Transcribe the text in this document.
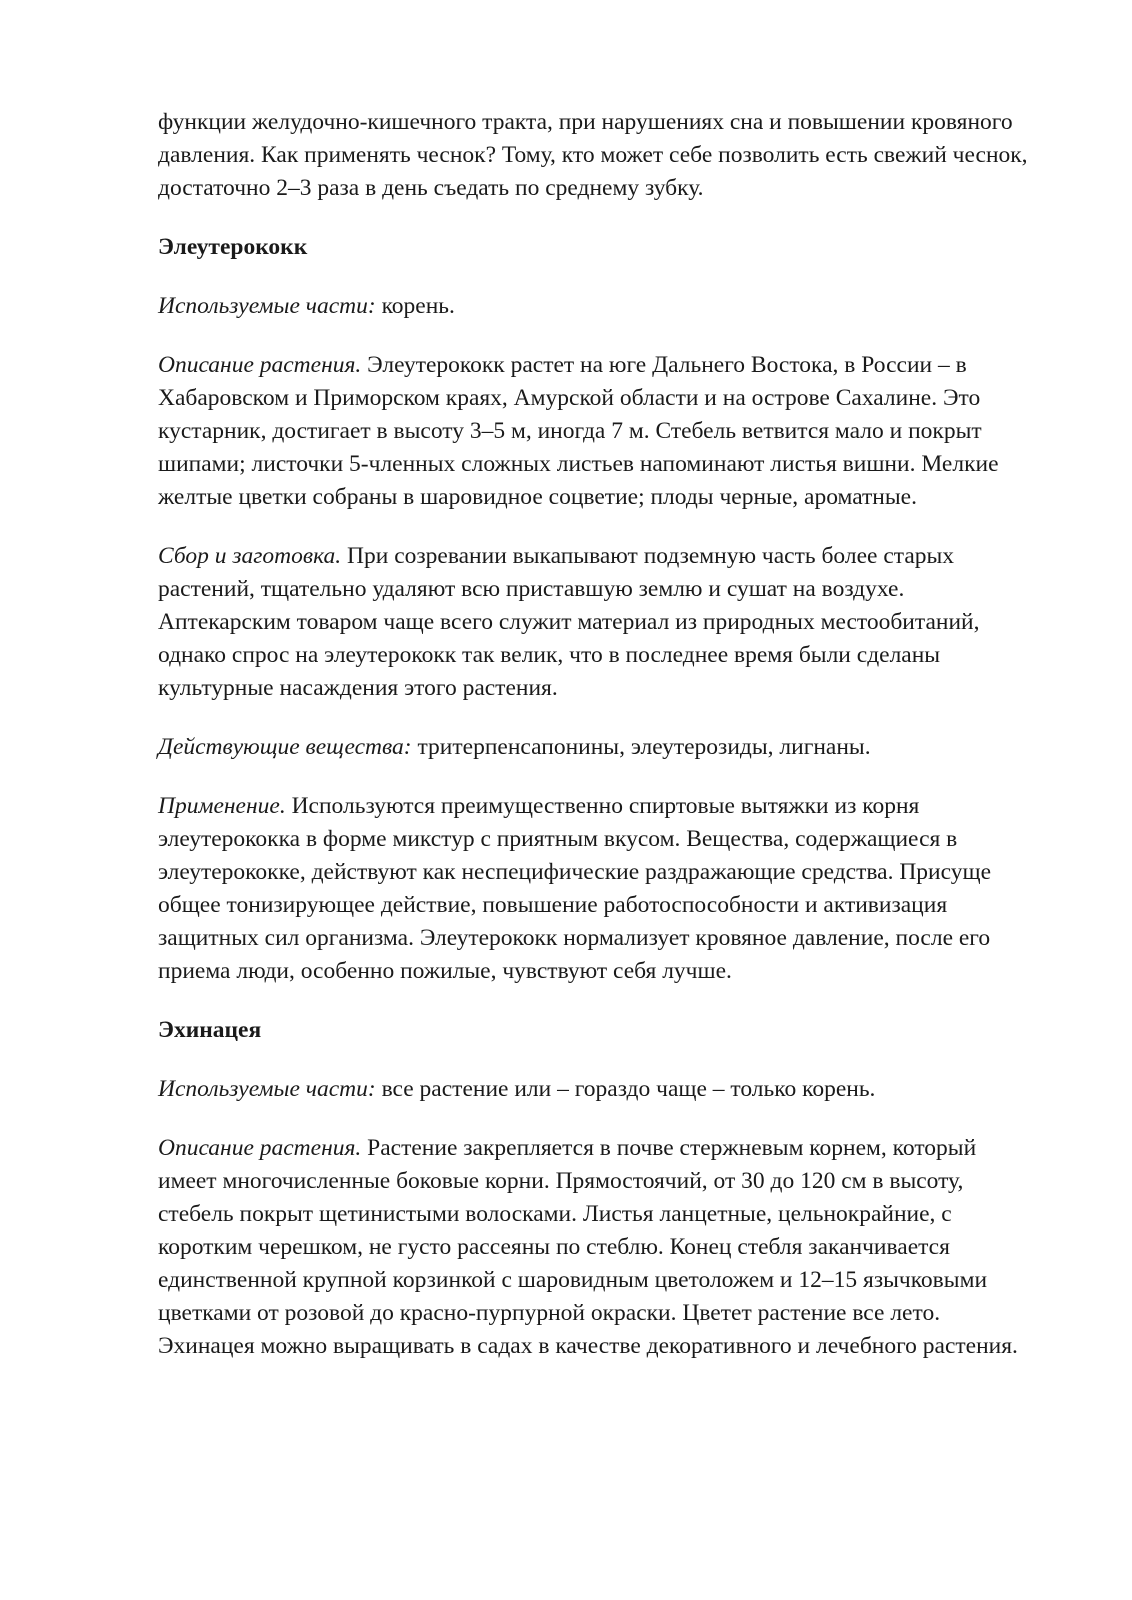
функции желудочно-кишечного тракта, при нарушениях сна и повышении кровяного давления. Как применять чеснок? Тому, кто может себе позволить есть свежий чеснок, достаточно 2–3 раза в день съедать по среднему зубку.

Элеутерококк

Используемые части: корень.

Описание растения. Элеутерококк растет на юге Дальнего Востока, в России – в Хабаровском и Приморском краях, Амурской области и на острове Сахалине. Это кустарник, достигает в высоту 3–5 м, иногда 7 м. Стебель ветвится мало и покрыт шипами; листочки 5-членных сложных листьев напоминают листья вишни. Мелкие желтые цветки собраны в шаровидное соцветие; плоды черные, ароматные.

Сбор и заготовка. При созревании выкапывают подземную часть более старых растений, тщательно удаляют всю приставшую землю и сушат на воздухе. Аптекарским товаром чаще всего служит материал из природных местообитаний, однако спрос на элеутерококк так велик, что в последнее время были сделаны культурные насаждения этого растения.

Действующие вещества: тритерпенсапонины, элеутерозиды, лигнаны.

Применение. Используются преимущественно спиртовые вытяжки из корня элеутерококка в форме микстур с приятным вкусом. Вещества, содержащиеся в элеутерококке, действуют как неспецифические раздражающие средства. Присуще общее тонизирующее действие, повышение работоспособности и активизация защитных сил организма. Элеутерококк нормализует кровяное давление, после его приема люди, особенно пожилые, чувствуют себя лучше.

Эхинацея

Используемые части: все растение или – гораздо чаще – только корень.

Описание растения. Растение закрепляется в почве стержневым корнем, который имеет многочисленные боковые корни. Прямостоячий, от 30 до 120 см в высоту, стебель покрыт щетинистыми волосками. Листья ланцетные, цельнокрайние, с коротким черешком, не густо рассеяны по стеблю. Конец стебля заканчивается единственной крупной корзинкой с шаровидным цветоложем и 12–15 язычковыми цветками от розовой до красно-пурпурной окраски. Цветет растение все лето. Эхинацея можно выращивать в садах в качестве декоративного и лечебного растения.
